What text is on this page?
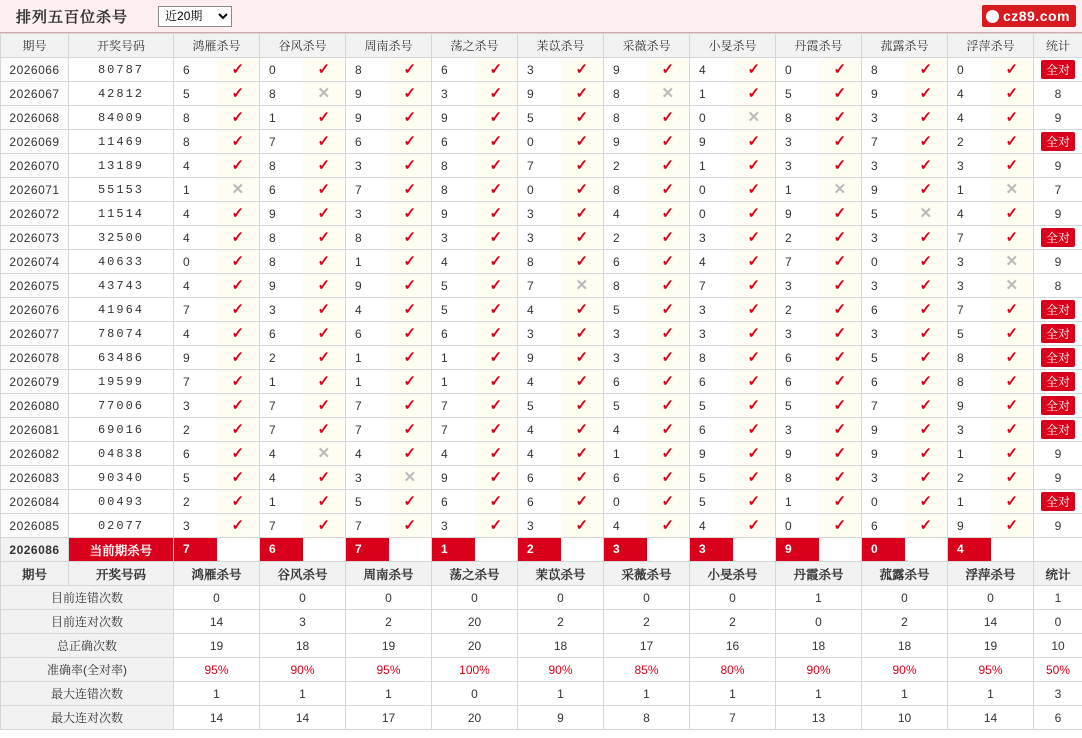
排列五百位杀号
近20期	cz89.com
期号	开奖号码	鸿雁杀号	谷风杀号	周南杀号	荡之杀号	茉苡杀号	采薇杀号	小旻杀号	丹霞杀号	菰露杀号	浮萍杀号	统计
2026066	80787	6 ✓	0 ✓	8 ✓	6 ✓	3 ✓	9 ✓	4 ✓	0 ✓	8 ✓	0 ✓	全对
2026067	42812	5 ✓	8 ✕	9 ✓	3 ✓	9 ✓	8 ✕	1 ✓	5 ✓	9 ✓	4 ✓	8
2026068	84009	8 ✓	1 ✓	9 ✓	9 ✓	5 ✓	8 ✓	0 ✕	8 ✓	3 ✓	4 ✓	9
2026069	11469	8 ✓	7 ✓	6 ✓	6 ✓	0 ✓	9 ✓	9 ✓	3 ✓	7 ✓	2 ✓	全对
2026070	13189	4 ✓	8 ✓	3 ✓	8 ✓	7 ✓	2 ✓	1 ✓	3 ✓	3 ✓	3 ✓	9
2026071	55153	1 ✕	6 ✓	7 ✓	8 ✓	0 ✓	8 ✓	0 ✓	1 ✕	9 ✓	1 ✕	7
2026072	11514	4 ✓	9 ✓	3 ✓	9 ✓	3 ✓	4 ✓	0 ✓	9 ✓	5 ✕	4 ✓	9
2026073	32500	4 ✓	8 ✓	8 ✓	3 ✓	3 ✓	2 ✓	3 ✓	2 ✓	3 ✓	7 ✓	全对
2026074	40633	0 ✓	8 ✓	1 ✓	4 ✓	8 ✓	6 ✓	4 ✓	7 ✓	0 ✓	3 ✕	9
2026075	43743	4 ✓	9 ✓	9 ✓	5 ✓	7 ✕	8 ✓	7 ✓	3 ✓	3 ✓	3 ✕	8
2026076	41964	7 ✓	3 ✓	4 ✓	5 ✓	4 ✓	5 ✓	3 ✓	2 ✓	6 ✓	7 ✓	全对
2026077	78074	4 ✓	6 ✓	6 ✓	6 ✓	3 ✓	3 ✓	3 ✓	3 ✓	3 ✓	5 ✓	全对
2026078	63486	9 ✓	2 ✓	1 ✓	1 ✓	9 ✓	3 ✓	8 ✓	6 ✓	5 ✓	8 ✓	全对
2026079	19599	7 ✓	1 ✓	1 ✓	1 ✓	4 ✓	6 ✓	6 ✓	6 ✓	6 ✓	8 ✓	全对
2026080	77006	3 ✓	7 ✓	7 ✓	7 ✓	5 ✓	5 ✓	5 ✓	5 ✓	7 ✓	9 ✓	全对
2026081	69016	2 ✓	7 ✓	7 ✓	7 ✓	4 ✓	4 ✓	6 ✓	3 ✓	9 ✓	3 ✓	全对
2026082	04838	6 ✓	4 ✕	4 ✓	4 ✓	4 ✓	1 ✓	9 ✓	9 ✓	9 ✓	1 ✓	9
2026083	90340	5 ✓	4 ✓	3 ✕	9 ✓	6 ✓	6 ✓	5 ✓	8 ✓	3 ✓	2 ✓	9
2026084	00493	2 ✓	1 ✓	5 ✓	6 ✓	6 ✓	0 ✓	5 ✓	1 ✓	0 ✓	1 ✓	全对
2026085	02077	3 ✓	7 ✓	7 ✓	3 ✓	3 ✓	4 ✓	4 ✓	0 ✓	6 ✓	9 ✓	9
2026086	当前期杀号	7	6	7	1	2	3	3	9	0	4	

期号	开奖号码	鸿雁杀号	谷风杀号	周南杀号	荡之杀号	茉苡杀号	采薇杀号	小旻杀号	丹霞杀号	菰露杀号	浮萍杀号	统计
目前连错次数		0	0	0	0	0	0	0	1	0	0	1
目前连对次数		14	3	2	20	2	2	2	0	2	14	0
总正确次数		19	18	19	20	18	17	16	18	18	19	10
准确率(全对率)		95%	90%	95%	100%	90%	85%	80%	90%	90%	95%	50%
最大连错次数		1	1	1	0	1	1	1	1	1	1	3
最大连对次数		14	14	17	20	9	8	7	13	10	14	6
